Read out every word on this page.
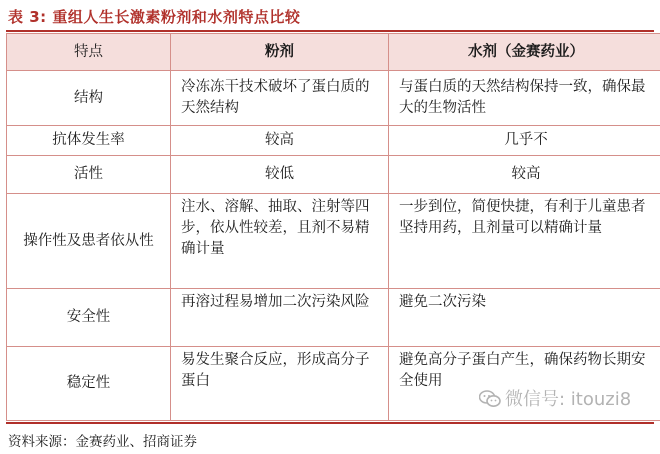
表 3: 重组人生长激素粉剂和水剂特点比较
特点	粉剂	水剂（金赛药业）
结构	冷冻冻干技术破坏了蛋白质的天然结构	与蛋白质的天然结构保持一致，确保最大的生物活性
抗体发生率	较高	几乎不
活性	较低	较高
操作性及患者依从性	注水、溶解、抽取、注射等四步，依从性较差，且剂不易精确计量	一步到位，简便快捷，有利于儿童患者坚持用药，且剂量可以精确计量
安全性	再溶过程易增加二次污染风险	避免二次污染
稳定性	易发生聚合反应，形成高分子蛋白	避免高分子蛋白产生，确保药物长期安全使用
资料来源：金赛药业、招商证券
微信号: itouzi8
